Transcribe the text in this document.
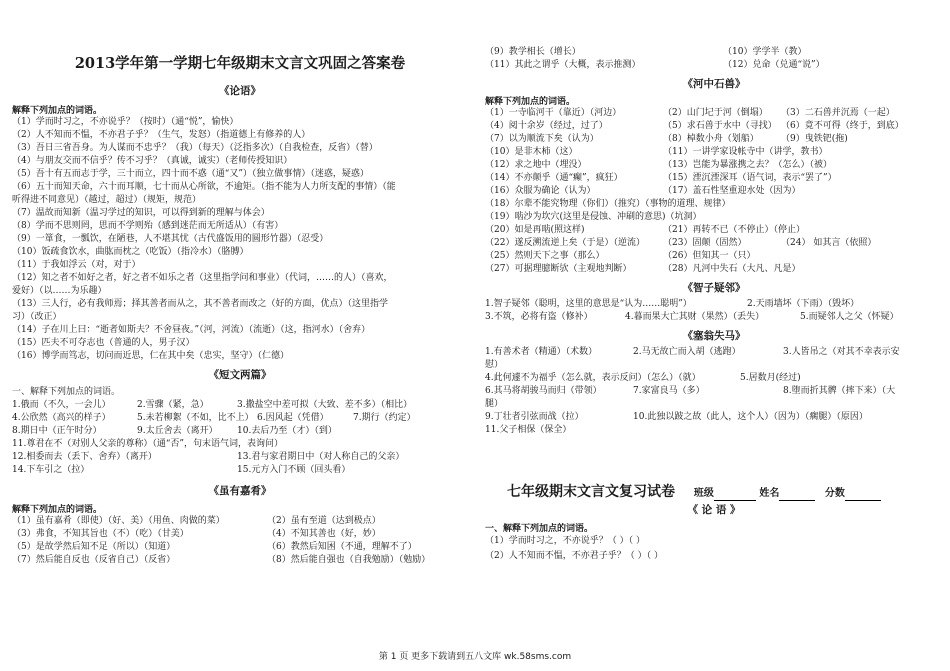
2013学年第一学期七年级期末文言文巩固之答案卷

《论语》

解释下列加点的词语。

（1）学而时习之，不亦说乎？（按时）（通“悦”，愉快）

（2）人不知而不愠，不亦君子乎？（生气，发怒）（指道德上有修养的人）

（3）吾日三省吾身。为人谋而不忠乎？（我）（每天）（泛指多次）（自我检查，反省）（替）

（4）与朋友交而不信乎？传不习乎？（真诚，诚实）（老师传授知识）

（5）吾十有五而志于学，三十而立，四十而不惑（通“又”）（独立做事情）（迷惑，疑惑）

（6）五十而知天命，六十而耳顺，七十而从心所欲，不逾矩。（指不能为人力所支配的事情）（能

听得进不同意见）（越过，超过）（规矩，规范）

（7）温故而知新（温习学过的知识，可以得到新的理解与体会）

（8）学而不思则罔，思而不学则殆（感到迷茫而无所适从）（有害）

（9）一箪食，一瓢饮，在陋巷，人不堪其忧（古代盛饭用的圆形竹器）（忍受）

（10）饭疏食饮水，曲肱而枕之（吃饭）（指冷水）（胳膊）

（11）于我如浮云（对，对于）

（12）知之者不如好之者，好之者不如乐之者（这里指学问和事业）（代词，……的人）（喜欢，

爱好）（以……为乐趣）

（13）三人行，必有我师焉；择其善者而从之，其不善者而改之（好的方面，优点）（这里指学

习）（改正）

（14）子在川上曰：“逝者如斯夫？不舍昼夜。”（河，河流）（流逝）（这，指河水）（舍弃）

（15）匹夫不可夺志也（普通的人，男子汉）

（16）博学而笃志，切问而近思，仁在其中矣（忠实，坚守）（仁德）

《短文两篇》

一、解释下列加点的词语。

1.俄而（不久，一会儿）	2.雪骤（紧，急）	3.撒盐空中差可拟（大致、差不多）（相比）
4.公欣然（高兴的样子）	5.未若柳絮（不如，比不上） 6.因风起（凭借）	7.期行（约定）
8.期日中（正午时分）	9.太丘舍去（离开）	10.去后乃至（才）（到）
11.尊君在不（对别人父亲的尊称）（通“否”，句末语气词，表询问）
12.相委而去（丢下、舍弃）（离开）	13.君与家君期日中（对人称自己的父亲）
14.下车引之（拉）	15.元方入门不顾（回头看）

《虽有嘉肴》

解释下列加点的词语。

（1）虽有嘉肴（即使）（好、美）（用鱼、肉做的菜）	（2）虽有至道（达到极点）
（3）弗食，不知其旨也（不）（吃）（甘美）	（4）不知其善也（好，妙）
（5）是故学然后知不足（所以）（知道）	（6）教然后知困（不通，理解不了）
（7）然后能自反也（反省自己）（反省）	（8）然后能自强也（自我勉励）（勉励）
（9）教学相长（增长）	（10）学学半（教）
（11）其此之谓乎（大概，表示推测）	（12）兑命（兑通“说”）

《河中石兽》

解释下列加点的词语。

（1）一寺临河干（靠近）（河边）	（2）山门圮于河（倒塌）	（3）二石兽并沉焉（一起）
（4）阅十余岁（经过，过了）	（5）求石兽于水中（寻找） （6）竟不可得（终于，到底）
（7）以为顺流下矣（认为）	（8）棹数小舟（划船）	（9）曳铁钯(拖)
（10）是非木柿（这）	（11）一讲学家设帐寺中（讲学，教书）
（12）求之地中（埋没）	（13）岂能为暴涨携之去？（怎么）（被）
（14）不亦颠乎（通“癫”，疯狂）	（15）湮沉湮深耳（语气词，表示“罢了”）
（16）众服为确论（认为）	（17）盖石性坚重迎水处（因为）
（18）尔辈不能究物理（你们）（推究）（事物的道理、规律）
（19）啮沙为坎穴(这里是侵蚀、冲刷的意思)（坑洞）
（20）如是再啮(照这样)	（21）再转不已（不停止）（停止）
（22）遂反溯流逆上矣（于是）（逆流）	（23）固颠（固然）	（24） 如其言（依照）
（25）然则天下之事（那么）	（26）但知其一（只）
（27）可据理臆断欤（主观地判断）	（28）凡河中失石（大凡、凡是）

《智子疑邻》

1.智子疑邻（聪明，这里的意思是“认为……聪明”）	2.天雨墙坏（下雨）（毁坏）
3.不筑，必将有盗（修补）	4.暮而果大亡其财（果然）（丢失）	5.而疑邻人之父（怀疑）

《塞翁失马》

1.有善术者（精通）（术数）	2.马无故亡而入胡（逃跑）	3.人皆吊之（对其不幸表示安
慰）
4.此何遽不为福乎（怎么就，表示反问）（怎么）（就）	5.居数月(经过)
6.其马将胡骏马而归（带领）	7.家富良马（多）	8.堕而折其髀（摔下来）（大
腿）
9.丁壮者引弦而战（拉）	10.此独以跛之故（此人，这个人）（因为）（瘸腿）（原因）
11.父子相保（保全）
七年级期末文言文复习试卷 班级	姓名	分数

《 论 语 》

一、解释下列加点的词语。

（1）学而时习之，不亦说乎？（ ）（ ）

（2）人不知而不愠，不亦君子乎？（ ）（ ）

第 1 页 更多下载请到五八文库 wk.58sms.com
